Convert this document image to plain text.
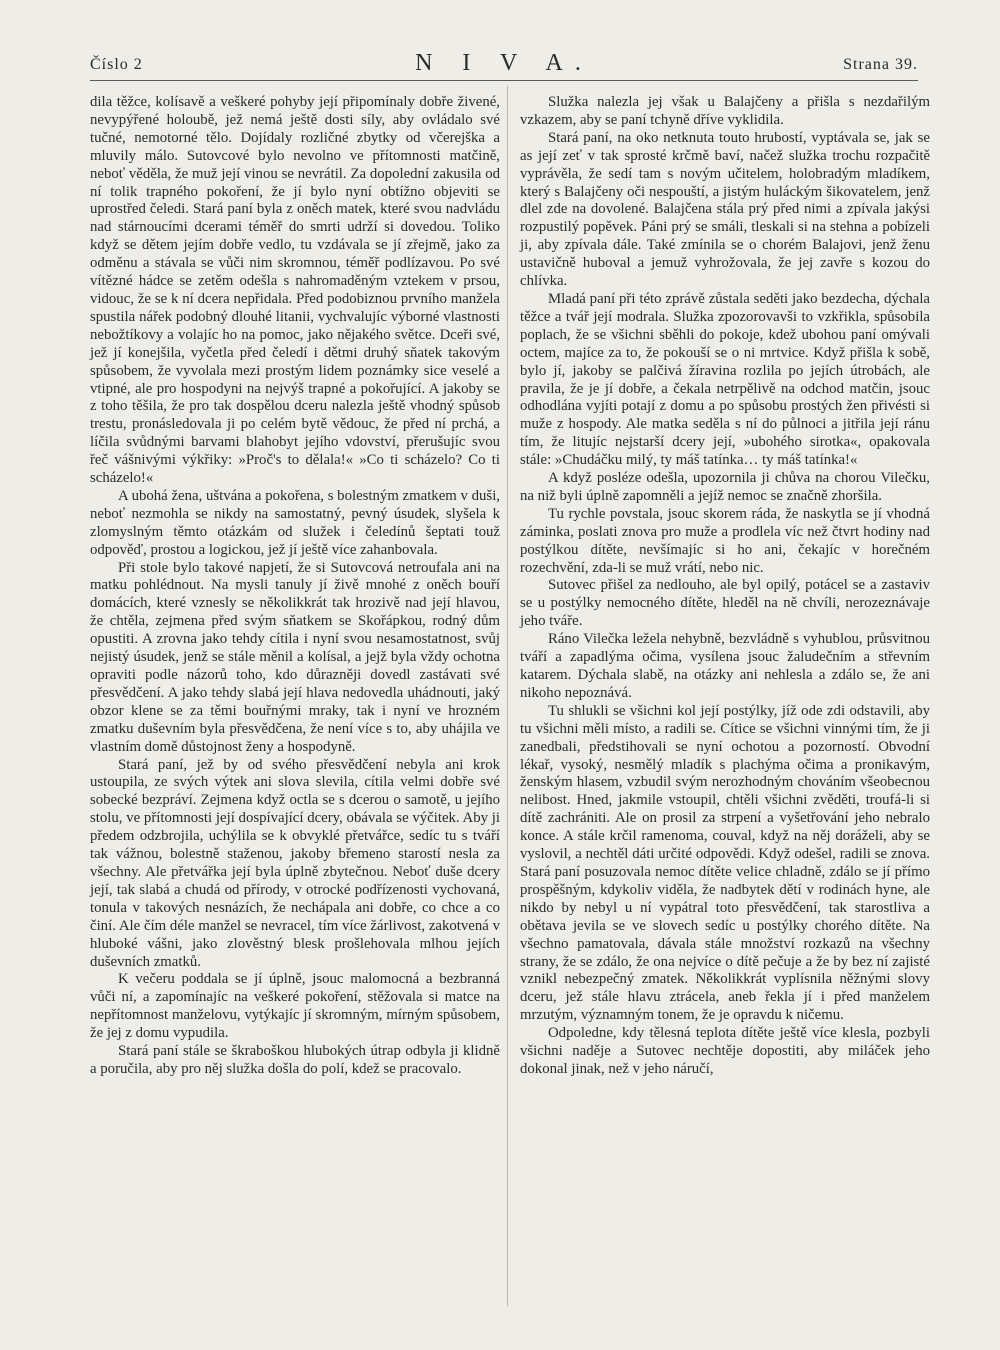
Číslo 2	N I V A.	Strana 39.

dila těžce, kolísavě a veškeré pohyby její připomínaly dobře živené, nevypýřené holoubě, jež nemá ještě dosti síly, aby ovládalo své tučné, nemotorné tělo. Dojídaly rozličné zbytky od včerejška a mluvily málo. Sutovcové bylo nevolno ve přítomnosti matčině, neboť věděla, že muž její vinou se nevrátil. Za dopolední zakusila od ní tolik trapného pokoření, že jí bylo nyní obtížno objeviti se uprostřed čeledi. Stará paní byla z oněch matek, které svou nadvládu nad stárnoucími dcerami téměř do smrti udrží si dovedou. Toliko když se dětem jejím dobře vedlo, tu vzdávala se jí zřejmě, jako za odměnu a stávala se vůči nim skromnou, téměř podlízavou. Po své vítězné hádce se zetěm odešla s nahromaděným vztekem v prsou, vidouc, že se k ní dcera nepřidala. Před podobiznou prvního manžela spustila nářek podobný dlouhé litanii, vychvalujíc výborné vlastnosti nebožtíkovy a volajíc ho na pomoc, jako nějakého světce. Dceři své, jež jí konejšila, vyčetla před čeledí i dětmi druhý sňatek takovým spůsobem, že vyvolala mezi prostým lidem poznámky sice veselé a vtipné, ale pro hospodyni na nejvýš trapné a pokořující. A jakoby se z toho těšila, že pro tak dospělou dceru nalezla ještě vhodný spůsob trestu, pronásledovala ji po celém bytě vědouc, že před ní prchá, a líčila svůdnými barvami blahobyt jejího vdovství, přerušujíc svou řeč vášnivými výkřiky: »Proč's to dělala!« »Co ti scházelo? Co ti scházelo!«

A ubohá žena, uštvána a pokořena, s bolestným zmatkem v duši, neboť nezmohla se nikdy na samostatný, pevný úsudek, slyšela k zlomyslným těmto otázkám od služek i čeledínů šeptati touž odpověď, prostou a logickou, jež jí ještě více zahanbovala.

Při stole bylo takové napjetí, že si Sutovcová netroufala ani na matku pohlédnout. Na mysli tanuly jí živě mnohé z oněch bouří domácích, které vznesly se několikkrát tak hrozivě nad její hlavou, že chtěla, zejmena před svým sňatkem se Skořápkou, rodný dům opustiti. A zrovna jako tehdy cítila i nyní svou nesamostatnost, svůj nejistý úsudek, jenž se stále měnil a kolísal, a jejž byla vždy ochotna opraviti podle názorů toho, kdo důrazněji dovedl zastávati své přesvědčení. A jako tehdy slabá její hlava nedovedla uhádnouti, jaký obzor klene se za těmi bouřnými mraky, tak i nyní ve hrozném zmatku duševním byla přesvědčena, že není více s to, aby uhájila ve vlastním domě důstojnost ženy a hospodyně.

Stará paní, jež by od svého přesvědčení nebyla ani krok ustoupila, ze svých výtek ani slova slevila, cítila velmi dobře své sobecké bezpráví. Zejmena když octla se s dcerou o samotě, u jejího stolu, ve přítomnosti její dospívající dcery, obávala se výčitek. Aby ji předem odzbrojila, uchýlila se k obvyklé přetvářce, sedíc tu s tváří tak vážnou, bolestně staženou, jakoby břemeno starostí nesla za všechny. Ale přetvářka její byla úplně zbytečnou. Neboť duše dcery její, tak slabá a chudá od přírody, v otrocké podřízenosti vychovaná, tonula v takových nesnázích, že nechápala ani dobře, co chce a co činí. Ale čím déle manžel se nevracel, tím více žárlivost, zakotvená v hluboké vášni, jako zlověstný blesk prošlehovala mlhou jejích duševních zmatků.

K večeru poddala se jí úplně, jsouc malomocná a bezbranná vůči ní, a zapomínajíc na veškeré pokoření, stěžovala si matce na nepřítomnost manželovu, vytýkajíc jí skromným, mírným spůsobem, že jej z domu vypudila.

Stará paní stále se škraboškou hlubokých útrap odbyla ji klidně a poručila, aby pro něj služka došla do polí, kdež se pracovalo.

Služka nalezla jej však u Balajčeny a přišla s nezdařilým vzkazem, aby se paní tchyně dříve vyklidila.

Stará paní, na oko netknuta touto hrubostí, vyptávala se, jak se as její zeť v tak sprosté krčmě baví, načež služka trochu rozpačitě vyprávěla, že sedí tam s novým učitelem, holobradým mladíkem, který s Balajčeny oči nespouští, a jistým huláckým šikovatelem, jenž dlel zde na dovolené. Balajčena stála prý před nimi a zpívala jakýsi rozpustilý popěvek. Páni prý se smáli, tleskali si na stehna a pobízeli ji, aby zpívala dále. Také zmínila se o chorém Balajovi, jenž ženu ustavičně huboval a jemuž vyhrožovala, že jej zavře s kozou do chlívka.

Mladá paní při této zprávě zůstala seděti jako bezdecha, dýchala těžce a tvář její modrala. Služka zpozorovavši to vzkřikla, spůsobila poplach, že se všichni sběhli do pokoje, kdež ubohou paní omývali octem, majíce za to, že pokouší se o ni mrtvice. Když přišla k sobě, bylo jí, jakoby se palčivá žíravina rozlila po jejích útrobách, ale pravila, že je jí dobře, a čekala netrpělivě na odchod matčin, jsouc odhodlána vyjíti potají z domu a po spůsobu prostých žen přivésti si muže z hospody. Ale matka seděla s ní do půlnoci a jitřila její ránu tím, že litujíc nejstarší dcery její, »ubohého sirotka«, opakovala stále: »Chudáčku milý, ty máš tatínka… ty máš tatínka!«

A když posléze odešla, upozornila ji chůva na chorou Vilečku, na niž byli úplně zapomněli a jejíž nemoc se značně zhoršila.

Tu rychle povstala, jsouc skorem ráda, že naskytla se jí vhodná záminka, poslati znova pro muže a prodlela víc než čtvrt hodiny nad postýlkou dítěte, nevšímajíc si ho ani, čekajíc v horečném rozechvění, zda-li se muž vrátí, nebo nic.

Sutovec přišel za nedlouho, ale byl opilý, potácel se a zastaviv se u postýlky nemocného dítěte, hleděl na ně chvíli, nerozeznávaje jeho tváře.

Ráno Vilečka ležela nehybně, bezvládně s vyhublou, průsvitnou tváří a zapadlýma očima, vysílena jsouc žaludečním a střevním katarem. Dýchala slabě, na otázky ani nehlesla a zdálo se, že ani nikoho nepoznává.

Tu shlukli se všichni kol její postýlky, jíž ode zdi odstavili, aby tu všichni měli místo, a radili se. Cítice se všichni vinnými tím, že ji zanedbali, předstihovali se nyní ochotou a pozorností. Obvodní lékař, vysoký, nesmělý mladík s plachýma očima a pronikavým, ženským hlasem, vzbudil svým nerozhodným chováním všeobecnou nelibost. Hned, jakmile vstoupil, chtěli všichni zvěděti, troufá-li si dítě zachrániti. Ale on prosil za strpení a vyšetřování jeho nebralo konce. A stále krčil ramenoma, couval, když na něj doráželi, aby se vyslovil, a nechtěl dáti určité odpovědi. Když odešel, radili se znova. Stará paní posuzovala nemoc dítěte velice chladně, zdálo se jí přímo prospěšným, kdykoliv viděla, že nadbytek dětí v rodinách hyne, ale nikdo by nebyl u ní vypátral toto přesvědčení, tak starostliva a obětava jevila se ve slovech sedíc u postýlky chorého dítěte. Na všechno pamatovala, dávala stále množství rozkazů na všechny strany, že se zdálo, že ona nejvíce o dítě pečuje a že by bez ní zajisté vznikl nebezpečný zmatek. Několikkrát vyplísnila něžnými slovy dceru, jež stále hlavu ztrácela, aneb řekla jí i před manželem mrzutým, významným tonem, že je opravdu k ničemu.

Odpoledne, kdy tělesná teplota dítěte ještě více klesla, pozbyli všichni naděje a Sutovec nechtěje dopostiti, aby miláček jeho dokonal jinak, než v jeho náručí,
